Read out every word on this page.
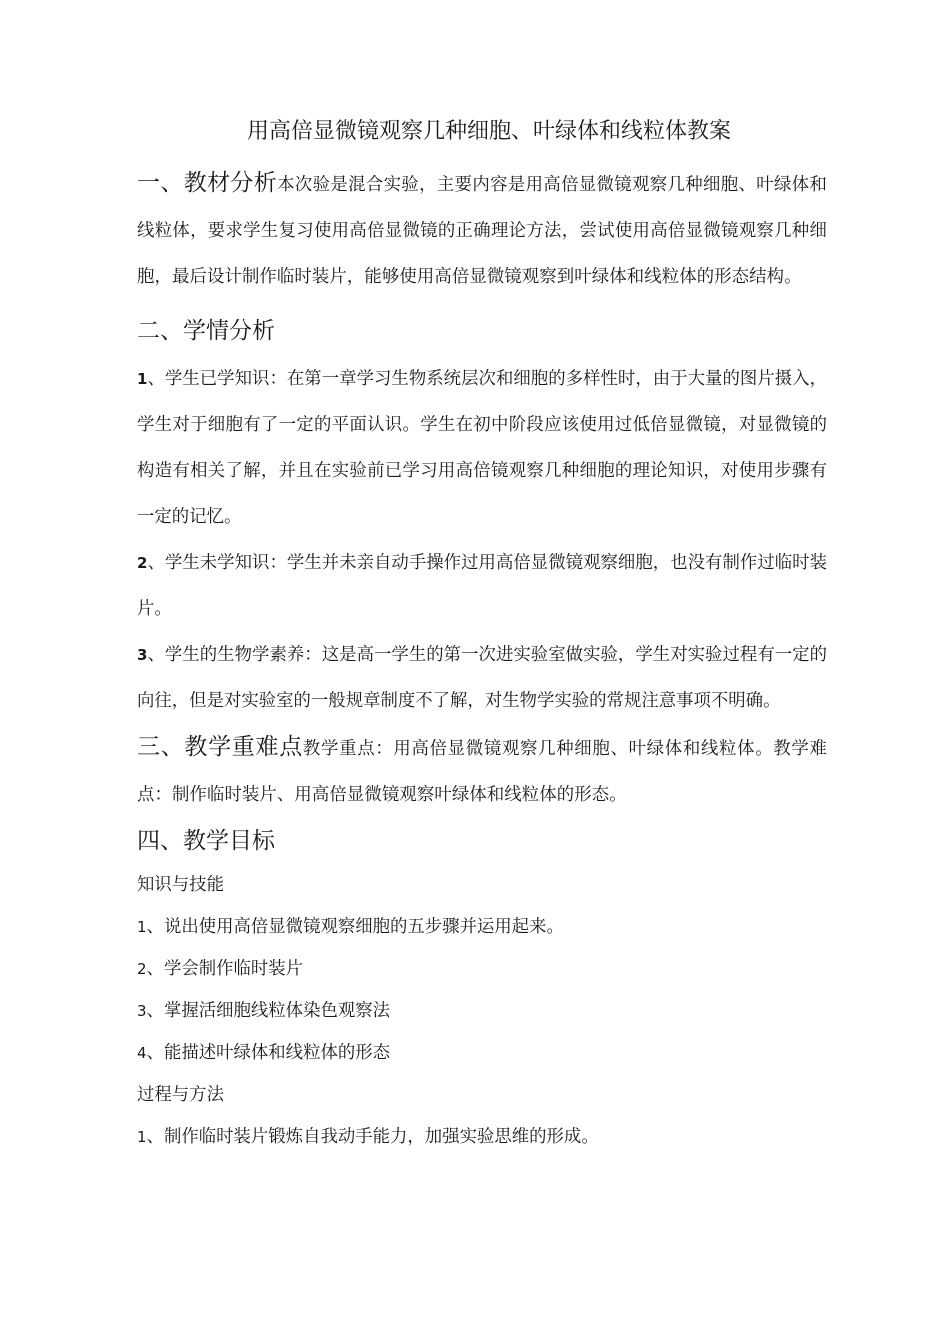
用高倍显微镜观察几种细胞、叶绿体和线粒体教案

一、教材分析本次验是混合实验，主要内容是用高倍显微镜观察几种细胞、叶绿体和线粒体，要求学生复习使用高倍显微镜的正确理论方法，尝试使用高倍显微镜观察几种细胞，最后设计制作临时装片，能够使用高倍显微镜观察到叶绿体和线粒体的形态结构。

二、学情分析

1、学生已学知识：在第一章学习生物系统层次和细胞的多样性时，由于大量的图片摄入，学生对于细胞有了一定的平面认识。学生在初中阶段应该使用过低倍显微镜，对显微镜的构造有相关了解，并且在实验前已学习用高倍镜观察几种细胞的理论知识，对使用步骤有一定的记忆。

2、学生未学知识：学生并未亲自动手操作过用高倍显微镜观察细胞，也没有制作过临时装片。

3、学生的生物学素养：这是高一学生的第一次进实验室做实验，学生对实验过程有一定的向往，但是对实验室的一般规章制度不了解，对生物学实验的常规注意事项不明确。

三、教学重难点教学重点：用高倍显微镜观察几种细胞、叶绿体和线粒体。教学难点：制作临时装片、用高倍显微镜观察叶绿体和线粒体的形态。

四、教学目标

知识与技能

1、说出使用高倍显微镜观察细胞的五步骤并运用起来。

2、学会制作临时装片

3、掌握活细胞线粒体染色观察法

4、能描述叶绿体和线粒体的形态

过程与方法

1、制作临时装片锻炼自我动手能力，加强实验思维的形成。
